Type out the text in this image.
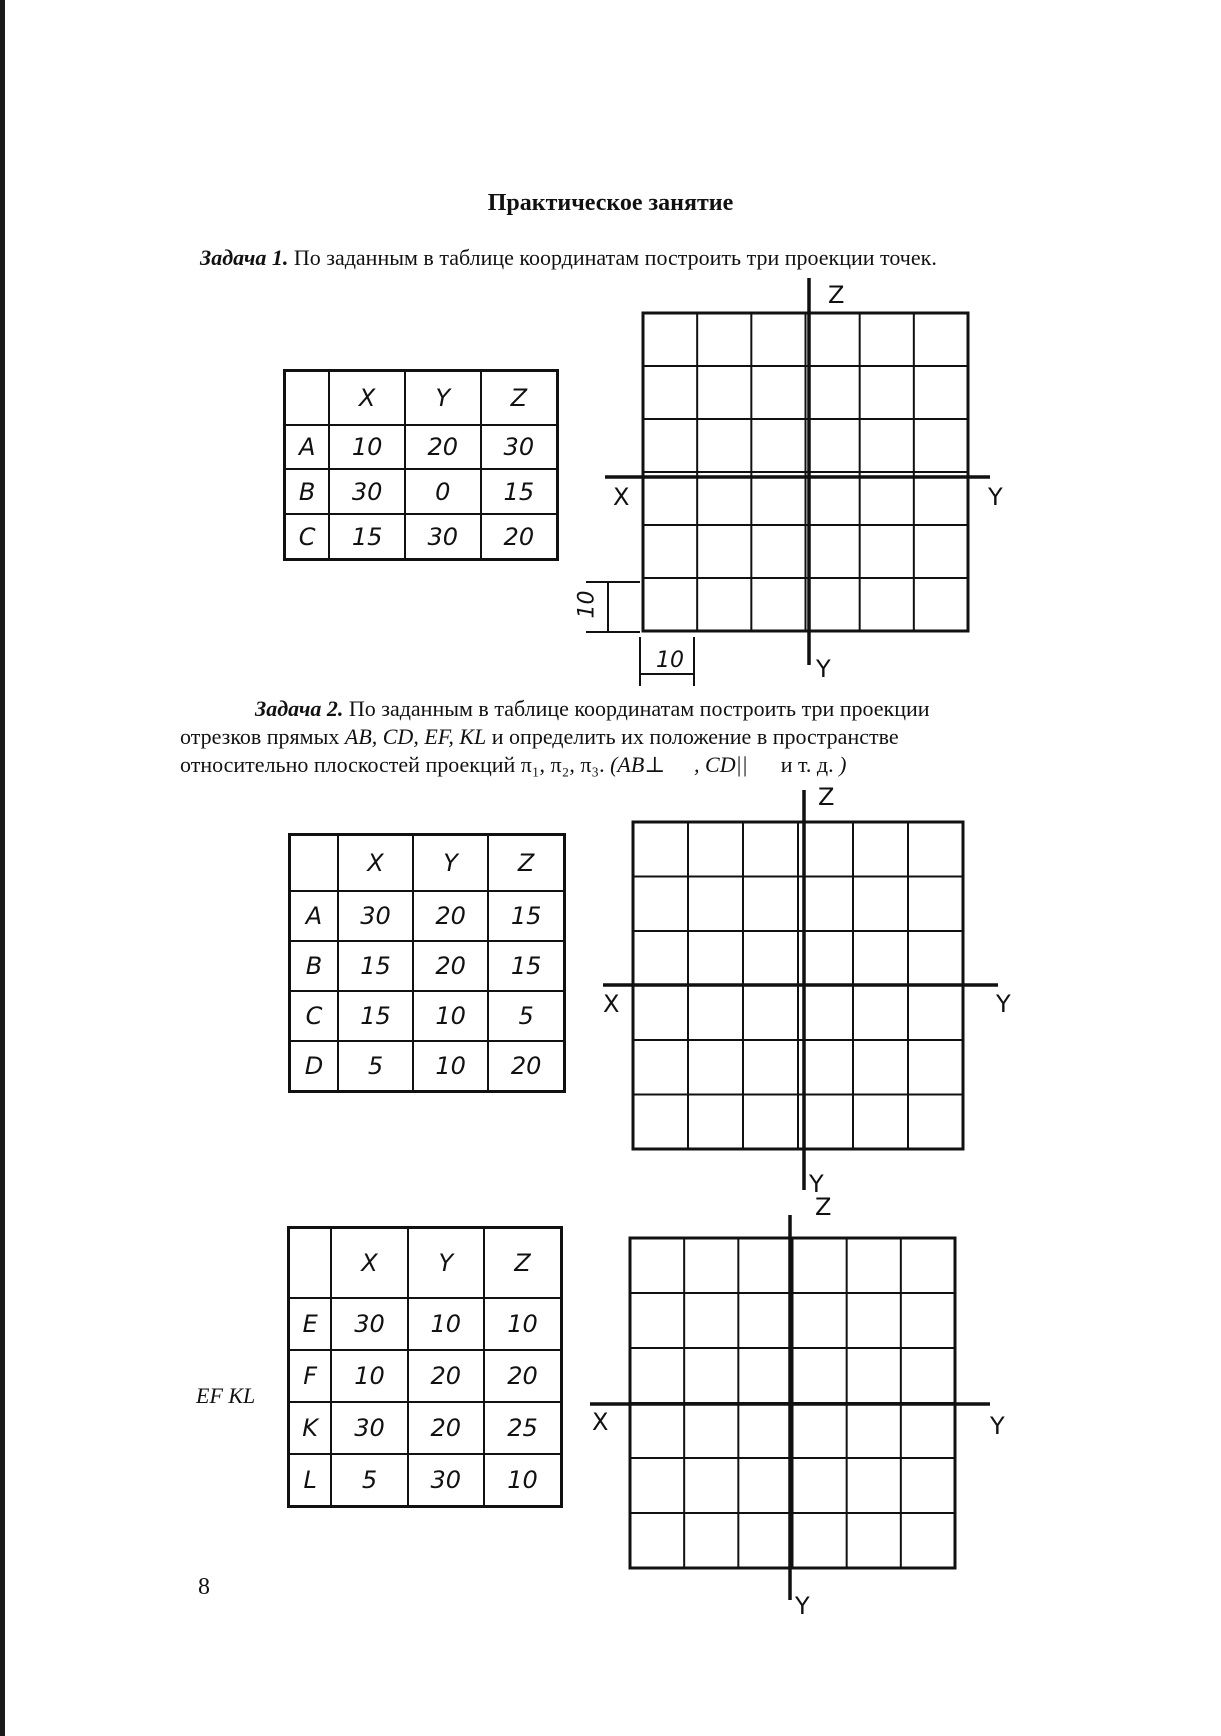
Практическое занятие
Задача 1. По заданным в таблице координатам построить три проекции точек.
	X	Y	Z
A	10	20	30
B	30	0	15
C	15	30	20
Задача 2. По заданным в таблице координатам построить три проекции
отрезков прямых AB, CD, EF, KL и определить их положение в пространстве
относительно плоскостей проекций π₁, π₂, π₃. (AB⊥ , CD|| и т. д. )
	X	Y	Z
A	30	20	15
B	15	20	15
C	15	10	5
D	5	10	20
EF KL
	X	Y	Z
E	30	10	10
F	10	20	20
K	30	20	25
L	5	30	10
Z
X	Y
Y
10
10
Z
X	Y
Y
Z
X	Y
Y
8
